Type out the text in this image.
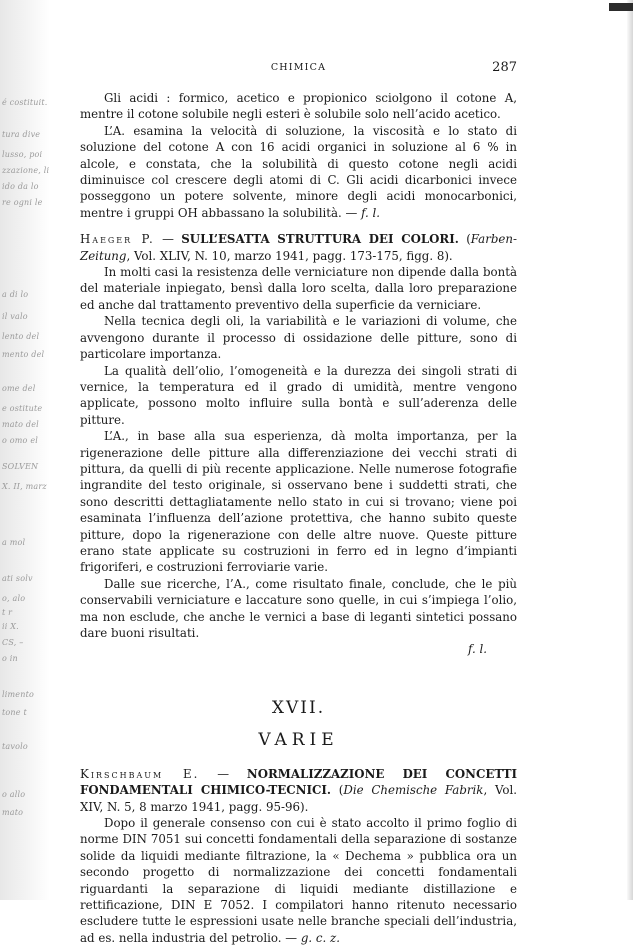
é costituit.
tura dive
lusso, poi
zzazione, li
ido da lo
re ogni le
a di lo
il valo
lento del
mento del
ome del
e ostitute
mato del
o omo el
SOLVEN
X. II, marz
a mol
ati solv
o, alo
t r
ii X.
CS, –
o in
limento
tone t
tavolo
o allo
mato
CHIMICA	287

Gli acidi : formico, acetico e propionico sciolgono il cotone A, mentre il cotone solubile negli esteri è solubile solo nell’acido acetico.

L’A. esamina la velocità di soluzione, la viscosità e lo stato di soluzione del cotone A con 16 acidi organici in soluzione al 6 % in alcole, e constata, che la solubilità di questo cotone negli acidi diminuisce col crescere degli atomi di C. Gli acidi dicarbonici invece posseggono un potere solvente, minore degli acidi monocarbonici, mentre i gruppi OH abbassano la solubilità. — f. l.

Haeger P. — SULL’ESATTA STRUTTURA DEI COLORI. (Farben-Zeitung, Vol. XLIV, N. 10, marzo 1941, pagg. 173-175, figg. 8).

In molti casi la resistenza delle verniciature non dipende dalla bontà del materiale inpiegato, bensì dalla loro scelta, dalla loro preparazione ed anche dal trattamento preventivo della superficie da verniciare.

Nella tecnica degli oli, la variabilità e le variazioni di volume, che avvengono durante il processo di ossidazione delle pitture, sono di particolare importanza.

La qualità dell’olio, l’omogeneità e la durezza dei singoli strati di vernice, la temperatura ed il grado di umidità, mentre vengono applicate, possono molto influire sulla bontà e sull’aderenza delle pitture.

L’A., in base alla sua esperienza, dà molta importanza, per la rigenerazione delle pitture alla differenziazione dei vecchi strati di pittura, da quelli di più recente applicazione. Nelle numerose fotografie ingrandite del testo originale, si osservano bene i suddetti strati, che sono descritti dettagliatamente nello stato in cui si trovano; viene poi esaminata l’influenza dell’azione protettiva, che hanno subito queste pitture, dopo la rigenerazione con delle altre nuove. Queste pitture erano state applicate su costruzioni in ferro ed in legno d’impianti frigoriferi, e costruzioni ferroviarie varie.

Dalle sue ricerche, l’A., come risultato finale, conclude, che le più conservabili verniciature e laccature sono quelle, in cui s’impiega l’olio, ma non esclude, che anche le vernici a base di leganti sintetici possano dare buoni risultati.

f. l.

XVII.

VARIE

Kirschbaum E. — NORMALIZZAZIONE DEI CONCETTI FONDAMENTALI CHIMICO-TECNICI. (Die Chemische Fabrik, Vol. XIV, N. 5, 8 marzo 1941, pagg. 95-96).

Dopo il generale consenso con cui è stato accolto il primo foglio di norme DIN 7051 sui concetti fondamentali della separazione di sostanze solide da liquidi mediante filtrazione, la « Dechema » pubblica ora un secondo progetto di normalizzazione dei concetti fondamentali riguardanti la separazione di liquidi mediante distillazione e rettificazione, DIN E 7052. I compilatori hanno ritenuto necessario escludere tutte le espressioni usate nelle branche speciali dell’industria, ad es. nella industria del petrolio. — g. c. z.
